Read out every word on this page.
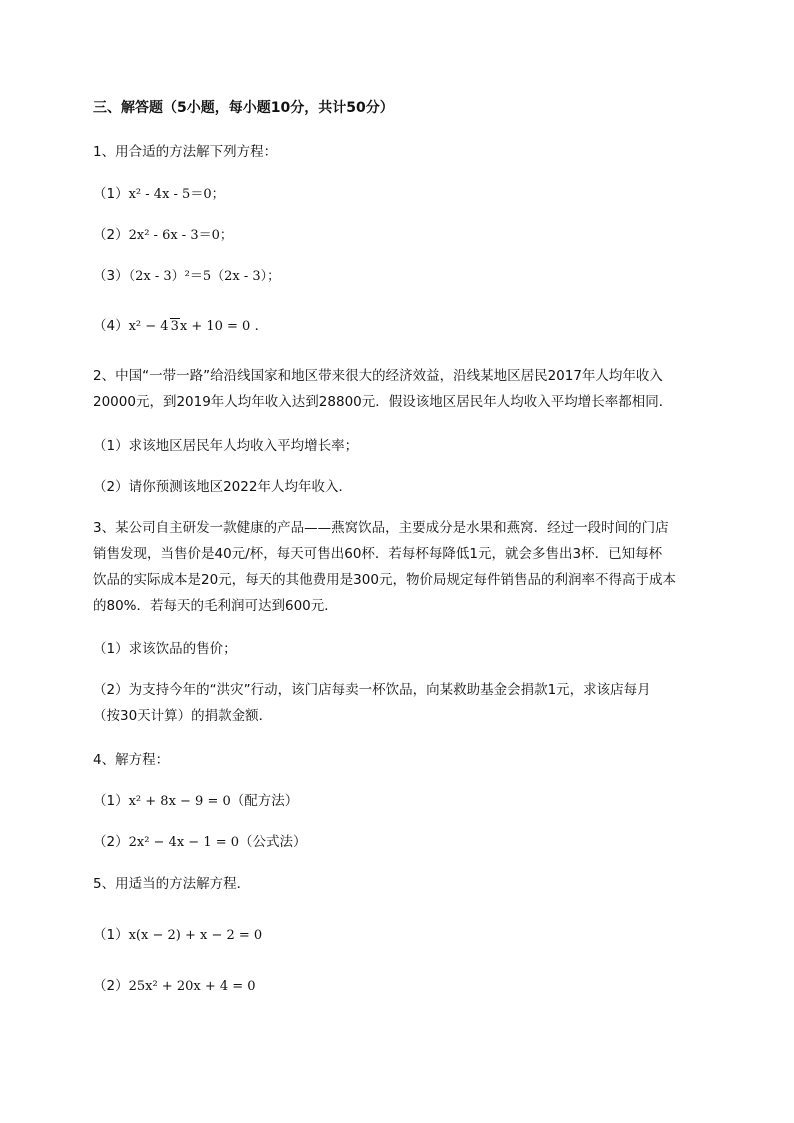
三、解答题（5小题，每小题10分，共计50分）
1、用合适的方法解下列方程：
（1）x² - 4x - 5＝0；
（2）2x² - 6x - 3＝0；
（3）（2x - 3）²＝5（2x - 3）；
（4）x² − 4 3x + 10 = 0 ．
2、中国“一带一路”给沿线国家和地区带来很大的经济效益，沿线某地区居民2017年人均年收入
20000元，到2019年人均年收入达到28800元．假设该地区居民年人均收入平均增长率都相同．
（1）求该地区居民年人均收入平均增长率；
（2）请你预测该地区2022年人均年收入．
3、某公司自主研发一款健康的产品——燕窝饮品，主要成分是水果和燕窝．经过一段时间的门店
销售发现，当售价是40元/杯，每天可售出60杯．若每杯每降低1元，就会多售出3杯．已知每杯
饮品的实际成本是20元，每天的其他费用是300元，物价局规定每件销售品的利润率不得高于成本
的80%．若每天的毛利润可达到600元．
（1）求该饮品的售价；
（2）为支持今年的“洪灾”行动，该门店每卖一杯饮品，向某救助基金会捐款1元，求该店每月
（按30天计算）的捐款金额．
4、解方程：
（1）x² + 8x − 9 = 0（配方法）
（2）2x² − 4x − 1 = 0（公式法）
5、用适当的方法解方程．
（1）x(x − 2) + x − 2 = 0
（2）25x² + 20x + 4 = 0
